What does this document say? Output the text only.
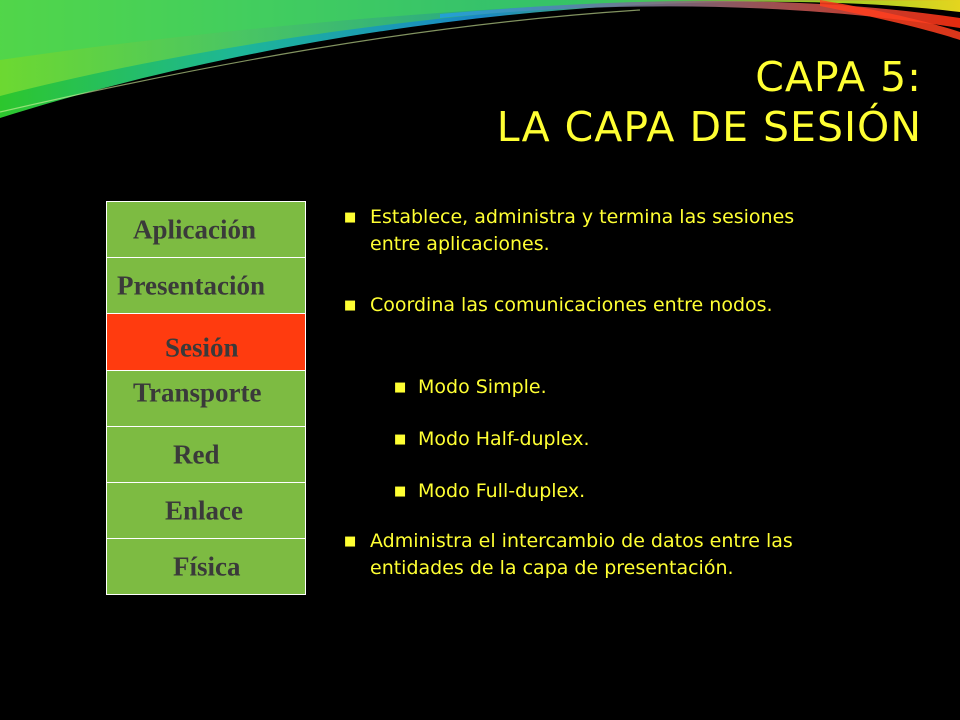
CAPA 5:
LA CAPA DE SESIÓN
Aplicación
Presentación
Sesión
Transporte
Red
Enlace
Física
■ Establece, administra y termina las sesiones entre aplicaciones.
■ Coordina las comunicaciones entre nodos.
■ Modo Simple.
■ Modo Half-duplex.
■ Modo Full-duplex.
■ Administra el intercambio de datos entre las entidades de la capa de presentación.
